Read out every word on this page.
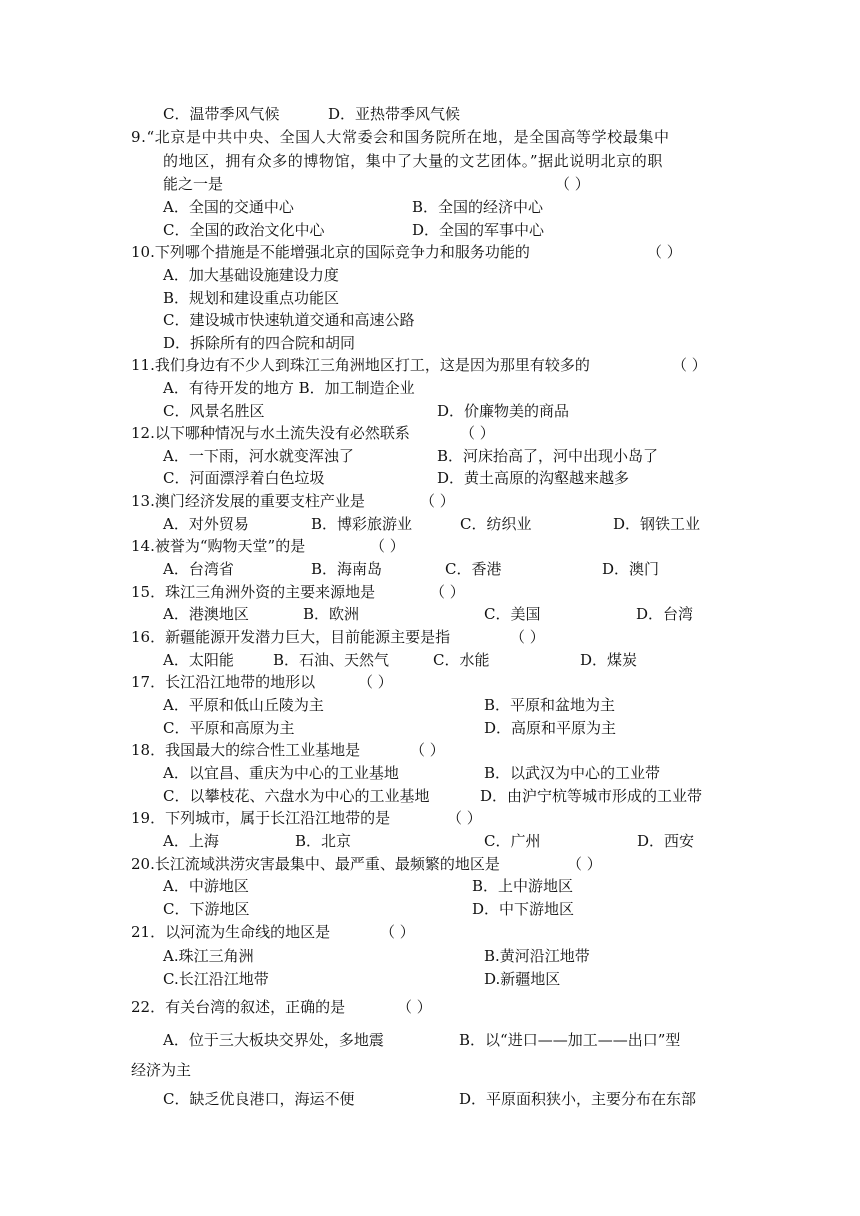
C．温带季风气候	D．亚热带季风气候
9.“北京是中共中央、全国人大常委会和国务院所在地，是全国高等学校最集中
的地区，拥有众多的博物馆，集中了大量的文艺团体。”据此说明北京的职
能之一是	（ ）
A．全国的交通中心	B．全国的经济中心
C．全国的政治文化中心	D．全国的军事中心
10.下列哪个措施是不能增强北京的国际竞争力和服务功能的	（ ）
A．加大基础设施建设力度
B．规划和建设重点功能区
C．建设城市快速轨道交通和高速公路
D．拆除所有的四合院和胡同
11.我们身边有不少人到珠江三角洲地区打工，这是因为那里有较多的	（ ）
A．有待开发的地方 B．加工制造企业
C．风景名胜区	D．价廉物美的商品
12.以下哪种情况与水土流失没有必然联系	（ ）
A．一下雨，河水就变浑浊了	B．河床抬高了，河中出现小岛了
C．河面漂浮着白色垃圾	D．黄土高原的沟壑越来越多
13.澳门经济发展的重要支柱产业是	（ ）
A．对外贸易	B．博彩旅游业	C．纺织业	D．钢铁工业
14.被誉为“购物天堂”的是	（ ）
A．台湾省	B．海南岛	C．香港	D．澳门
15．珠江三角洲外资的主要来源地是	（ ）
A．港澳地区	B．欧洲	C．美国	D．台湾
16．新疆能源开发潜力巨大，目前能源主要是指	（ ）
A．太阳能	B．石油、天然气	C．水能	D．煤炭
17．长江沿江地带的地形以	（ ）
A．平原和低山丘陵为主	B．平原和盆地为主
C．平原和高原为主	D．高原和平原为主
18．我国最大的综合性工业基地是	（ ）
A．以宜昌、重庆为中心的工业基地	B．以武汉为中心的工业带
C．以攀枝花、六盘水为中心的工业基地	D．由沪宁杭等城市形成的工业带
19．下列城市，属于长江沿江地带的是	（ ）
A．上海	B．北京	C．广州	D．西安
20.长江流域洪涝灾害最集中、最严重、最频繁的地区是	（ ）
A．中游地区	B．上中游地区
C．下游地区	D．中下游地区
21．以河流为生命线的地区是	（ ）
A.珠江三角洲	B.黄河沿江地带
C.长江沿江地带	D.新疆地区
22．有关台湾的叙述，正确的是	（ ）
A．位于三大板块交界处，多地震	B．以“进口——加工——出口”型
经济为主
C．缺乏优良港口，海运不便	D．平原面积狭小，主要分布在东部
